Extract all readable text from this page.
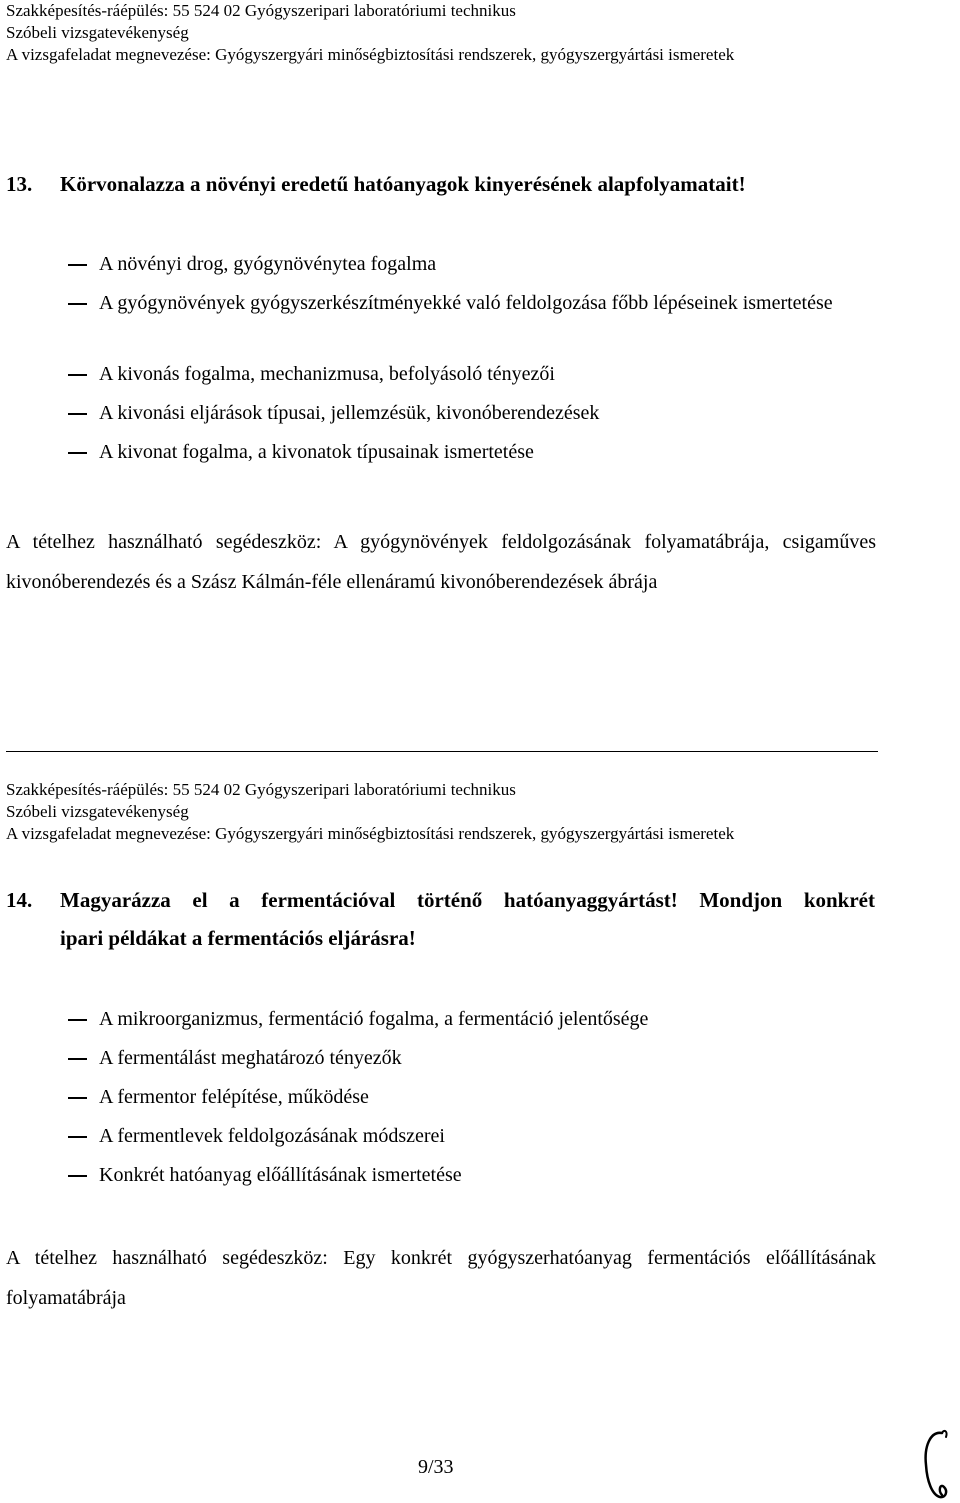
Szakképesítés-ráépülés: 55 524 02 Gyógyszeripari laboratóriumi technikus
Szóbeli vizsgatevékenység
A vizsgafeladat megnevezése: Gyógyszergyári minőségbiztosítási rendszerek, gyógyszergyártási ismeretek
13. Körvonalazza a növényi eredetű hatóanyagok kinyerésének alapfolyamatait!
A növényi drog, gyógynövénytea fogalma
A gyógynövények gyógyszerkészítményekké való feldolgozása főbb lépéseinek ismertetése
A kivonás fogalma, mechanizmusa, befolyásoló tényezői
A kivonási eljárások típusai, jellemzésük, kivonóberendezések
A kivonat fogalma, a kivonatok típusainak ismertetése
A tételhez használható segédeszköz: A gyógynövények feldolgozásának folyamatábrája, csigaműves kivonóberendezés és a Szász Kálmán-féle ellenáramú kivonóberendezések ábrája
Szakképesítés-ráépülés: 55 524 02 Gyógyszeripari laboratóriumi technikus
Szóbeli vizsgatevékenység
A vizsgafeladat megnevezése: Gyógyszergyári minőségbiztosítási rendszerek, gyógyszergyártási ismeretek
14. Magyarázza el a fermentációval történő hatóanyaggyártást! Mondjon konkrét
ipari példákat a fermentációs eljárásra!
A mikroorganizmus, fermentáció fogalma, a fermentáció jelentősége
A fermentálást meghatározó tényezők
A fermentor felépítése, működése
A fermentlevek feldolgozásának módszerei
Konkrét hatóanyag előállításának ismertetése
A tételhez használható segédeszköz: Egy konkrét gyógyszerhatóanyag fermentációs előállításának folyamatábrája
9/33
